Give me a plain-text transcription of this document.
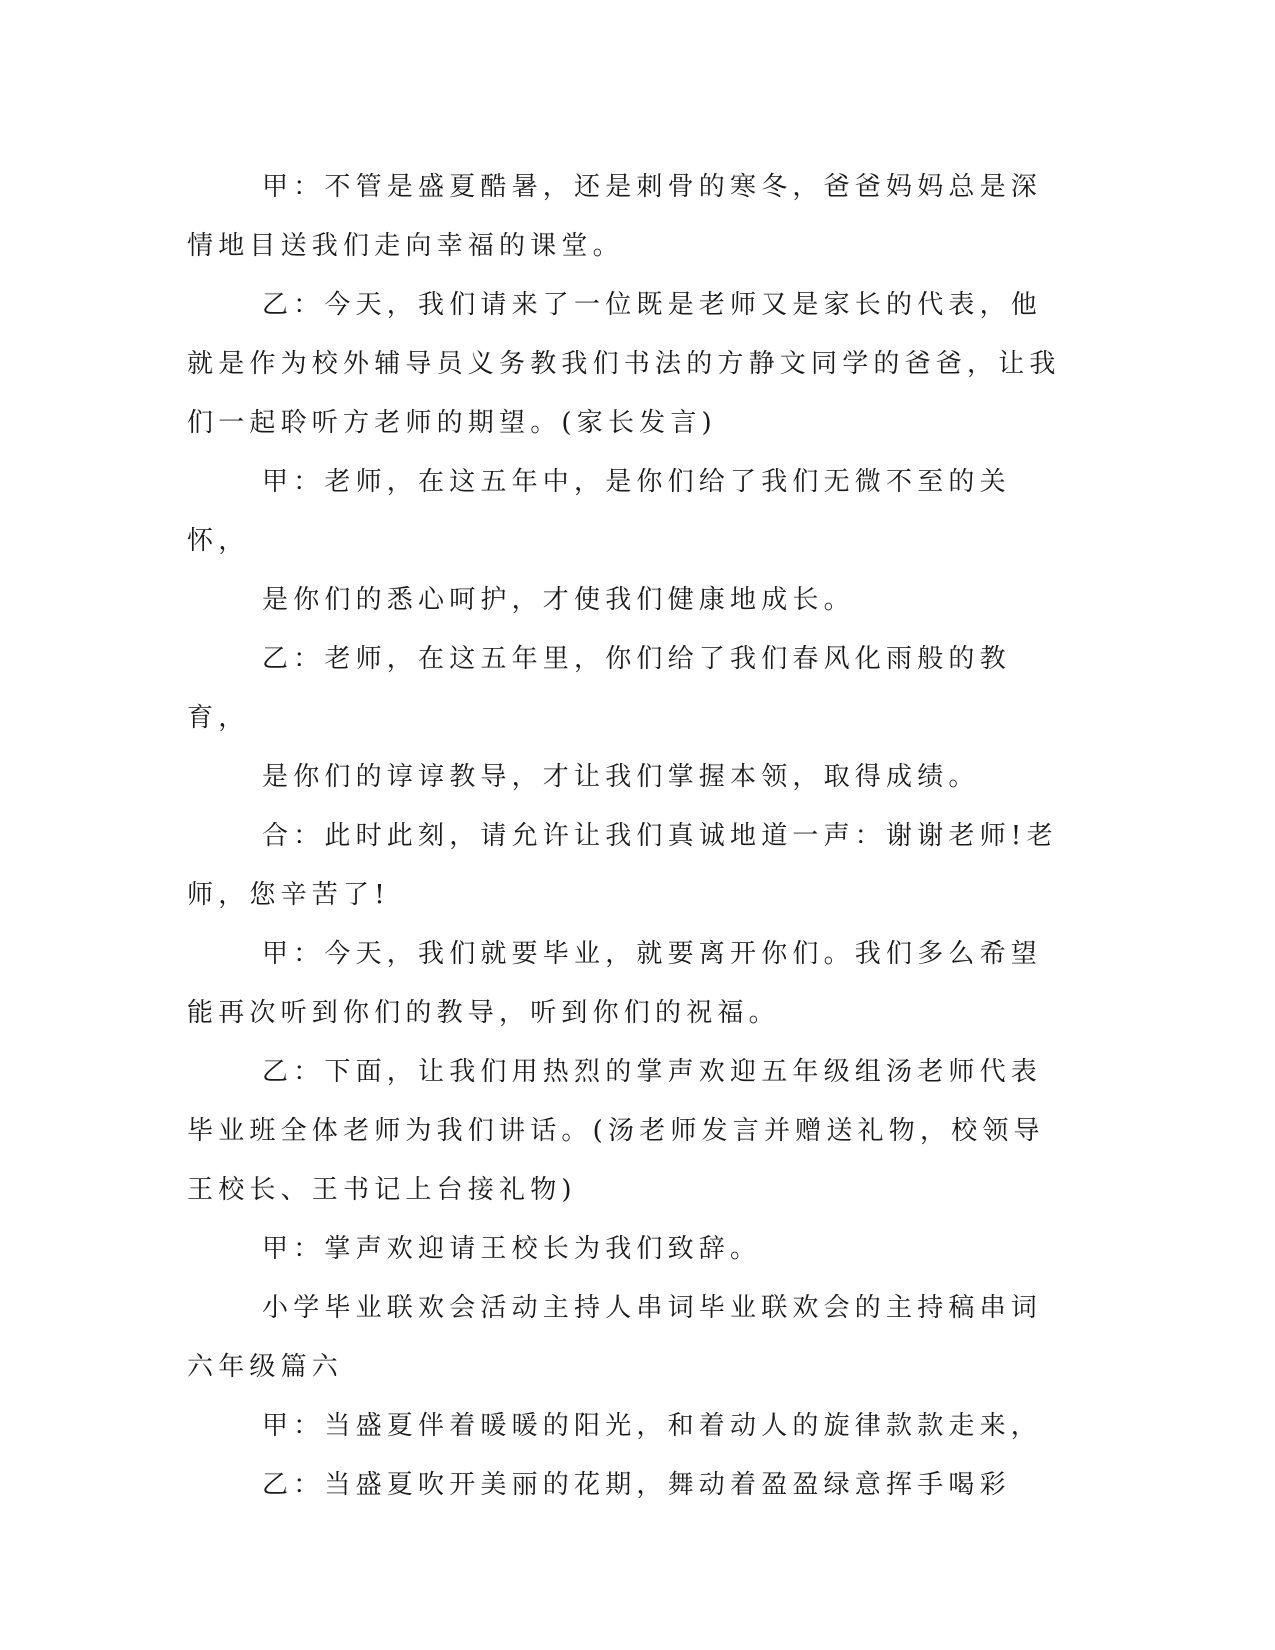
甲：不管是盛夏酷暑，还是刺骨的寒冬，爸爸妈妈总是深情地目送我们走向幸福的课堂。

乙：今天，我们请来了一位既是老师又是家长的代表，他就是作为校外辅导员义务教我们书法的方静文同学的爸爸，让我们一起聆听方老师的期望。(家长发言)

甲：老师，在这五年中，是你们给了我们无微不至的关怀，

是你们的悉心呵护，才使我们健康地成长。

乙：老师，在这五年里，你们给了我们春风化雨般的教育，

是你们的谆谆教导，才让我们掌握本领，取得成绩。

合：此时此刻，请允许让我们真诚地道一声：谢谢老师!老师，您辛苦了!

甲：今天，我们就要毕业，就要离开你们。我们多么希望能再次听到你们的教导，听到你们的祝福。

乙：下面，让我们用热烈的掌声欢迎五年级组汤老师代表毕业班全体老师为我们讲话。(汤老师发言并赠送礼物，校领导王校长、王书记上台接礼物)

甲：掌声欢迎请王校长为我们致辞。

小学毕业联欢会活动主持人串词毕业联欢会的主持稿串词六年级篇六

甲：当盛夏伴着暖暖的阳光，和着动人的旋律款款走来，

乙：当盛夏吹开美丽的花期，舞动着盈盈绿意挥手喝彩
